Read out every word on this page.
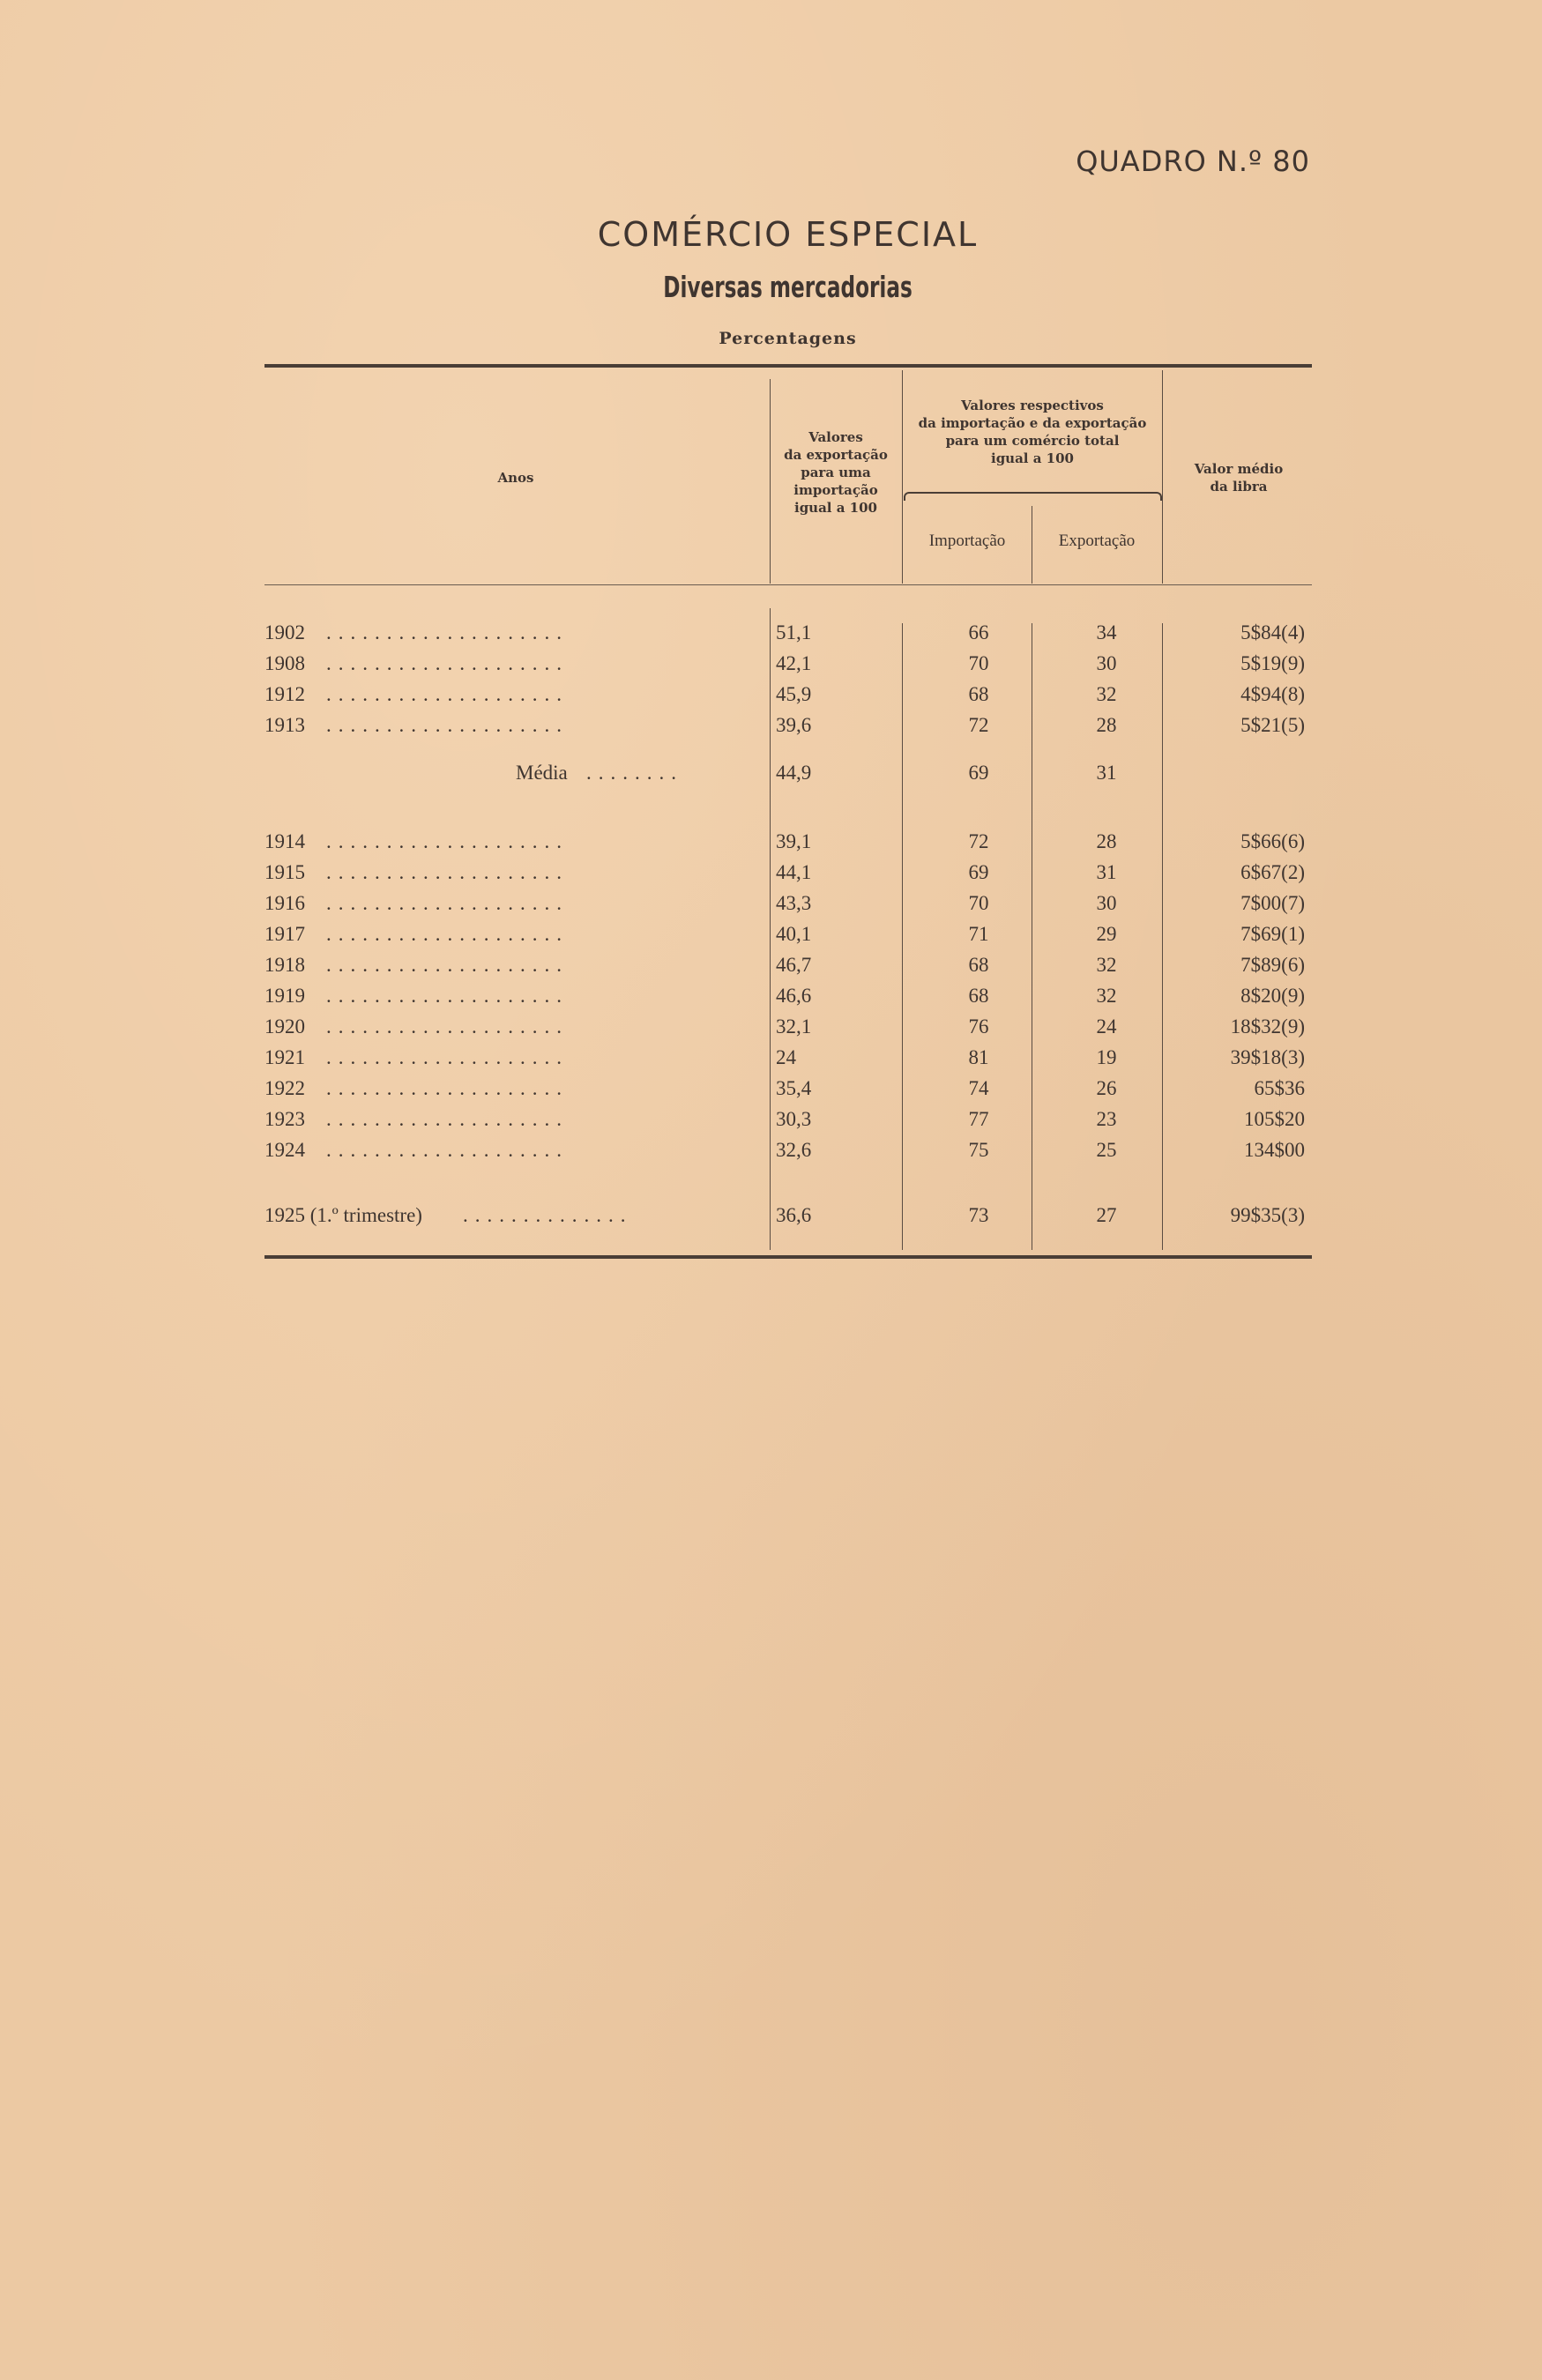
QUADRO N.º 80
COMÉRCIO ESPECIAL
Diversas mercadorias
Percentagens
Anos
Valores
da exportação
para uma
importação
igual a 100
Valores respectivos
da importação e da exportação
para um comércio total
igual a 100
Importação	Exportação
Valor médio
da libra
1902 ....................	51,1	66	34	5$84(4)
1908 ....................	42,1	70	30	5$19(9)
1912 ....................	45,9	68	32	4$94(8)
1913 ....................	39,6	72	28	5$21(5)
Média ........	44,9	69	31
1914 ....................	39,1	72	28	5$66(6)
1915 ....................	44,1	69	31	6$67(2)
1916 ....................	43,3	70	30	7$00(7)
1917 ....................	40,1	71	29	7$69(1)
1918 ....................	46,7	68	32	7$89(6)
1919 ....................	46,6	68	32	8$20(9)
1920 ....................	32,1	76	24	18$32(9)
1921 ....................	24	81	19	39$18(3)
1922 ....................	35,4	74	26	65$36
1923 ....................	30,3	77	23	105$20
1924 ....................	32,6	75	25	134$00
1925 (1.º trimestre) ..............	36,6	73	27	99$35(3)
